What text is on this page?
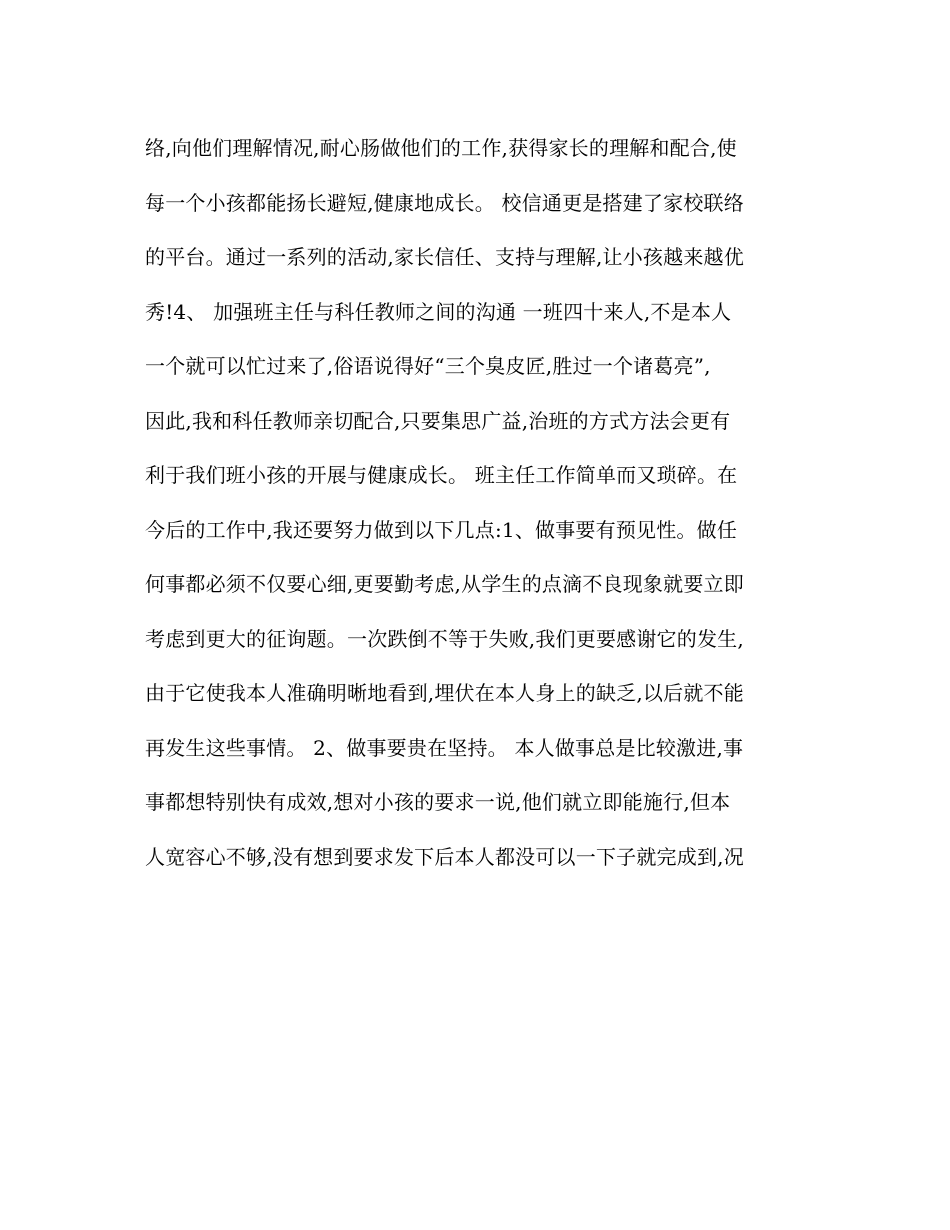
络,向他们理解情况,耐心肠做他们的工作,获得家长的理解和配合,使
每一个小孩都能扬长避短,健康地成长。 校信通更是搭建了家校联络
的平台。通过一系列的活动,家长信任、支持与理解,让小孩越来越优
秀!4、 加强班主任与科任教师之间的沟通 一班四十来人,不是本人
一个就可以忙过来了,俗语说得好“三个臭皮匠,胜过一个诸葛亮”,
因此,我和科任教师亲切配合,只要集思广益,治班的方式方法会更有
利于我们班小孩的开展与健康成长。 班主任工作简单而又琐碎。在
今后的工作中,我还要努力做到以下几点:1、做事要有预见性。做任
何事都必须不仅要心细,更要勤考虑,从学生的点滴不良现象就要立即
考虑到更大的征询题。一次跌倒不等于失败,我们更要感谢它的发生,
由于它使我本人准确明晰地看到,埋伏在本人身上的缺乏,以后就不能
再发生这些事情。 2、做事要贵在坚持。 本人做事总是比较激进,事
事都想特别快有成效,想对小孩的要求一说,他们就立即能施行,但本
人宽容心不够,没有想到要求发下后本人都没可以一下子就完成到,况
